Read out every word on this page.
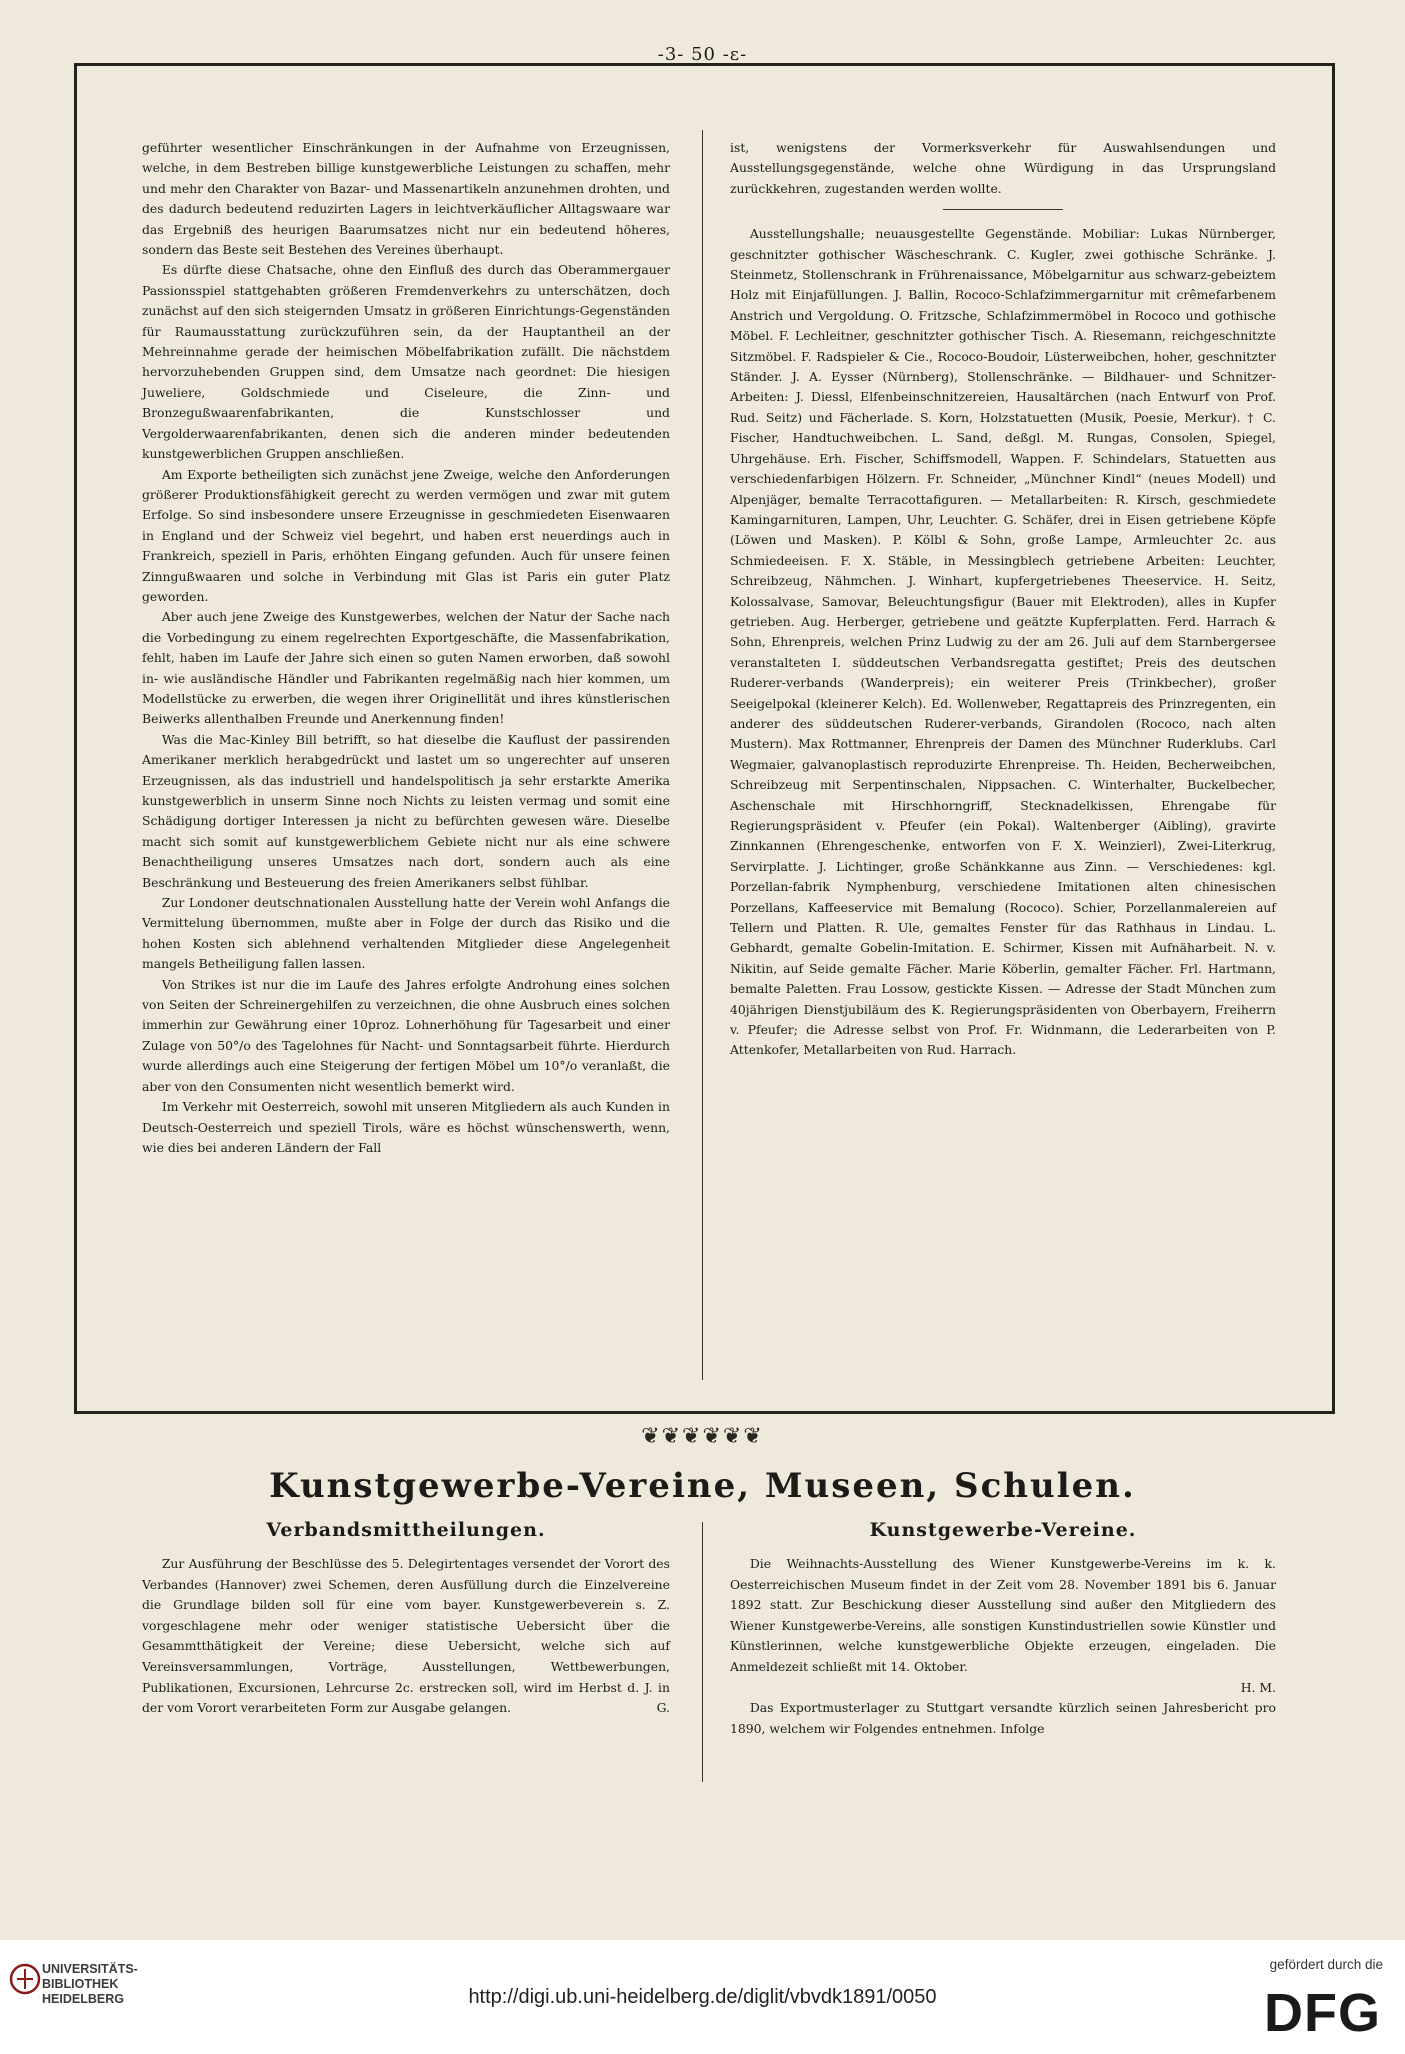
-3- 50 -ε-

geführter wesentlicher Einschränkungen in der Aufnahme von Erzeugnissen, welche, in dem Bestreben billige kunstgewerbliche Leistungen zu schaffen, mehr und mehr den Charakter von Bazar- und Massenartikeln anzunehmen drohten, und des dadurch bedeutend reduzirten Lagers in leichtverkäuflicher Alltagswaare war das Ergebniß des heurigen Baarumsatzes nicht nur ein bedeutend höheres, sondern das Beste seit Bestehen des Vereines überhaupt.

Es dürfte diese Chatsache, ohne den Einfluß des durch das Oberammergauer Passionsspiel stattgehabten größeren Fremdenverkehrs zu unterschätzen, doch zunächst auf den sich steigernden Umsatz in größeren Einrichtungs-Gegenständen für Raumausstattung zurückzuführen sein, da der Hauptantheil an der Mehreinnahme gerade der heimischen Möbelfabrikation zufällt. Die nächstdem hervorzuhebenden Gruppen sind, dem Umsatze nach geordnet: Die hiesigen Juweliere, Goldschmiede und Ciseleure, die Zinn- und Bronzegußwaarenfabrikanten, die Kunstschlosser und Vergolderwaarenfabrikanten, denen sich die anderen minder bedeutenden kunstgewerblichen Gruppen anschließen.

Am Exporte betheiligten sich zunächst jene Zweige, welche den Anforderungen größerer Produktionsfähigkeit gerecht zu werden vermögen und zwar mit gutem Erfolge. So sind insbesondere unsere Erzeugnisse in geschmiedeten Eisenwaaren in England und der Schweiz viel begehrt, und haben erst neuerdings auch in Frankreich, speziell in Paris, erhöhten Eingang gefunden. Auch für unsere feinen Zinngußwaaren und solche in Verbindung mit Glas ist Paris ein guter Platz geworden.

Aber auch jene Zweige des Kunstgewerbes, welchen der Natur der Sache nach die Vorbedingung zu einem regelrechten Exportgeschäfte, die Massenfabrikation, fehlt, haben im Laufe der Jahre sich einen so guten Namen erworben, daß sowohl in- wie ausländische Händler und Fabrikanten regelmäßig nach hier kommen, um Modellstücke zu erwerben, die wegen ihrer Originellität und ihres künstlerischen Beiwerks allenthalben Freunde und Anerkennung finden!

Was die Mac-Kinley Bill betrifft, so hat dieselbe die Kauflust der passirenden Amerikaner merklich herabgedrückt und lastet um so ungerechter auf unseren Erzeugnissen, als das industriell und handelspolitisch ja sehr erstarkte Amerika kunstgewerblich in unserm Sinne noch Nichts zu leisten vermag und somit eine Schädigung dortiger Interessen ja nicht zu befürchten gewesen wäre. Dieselbe macht sich somit auf kunstgewerblichem Gebiete nicht nur als eine schwere Benachtheiligung unseres Umsatzes nach dort, sondern auch als eine Beschränkung und Besteuerung des freien Amerikaners selbst fühlbar.

Zur Londoner deutschnationalen Ausstellung hatte der Verein wohl Anfangs die Vermittelung übernommen, mußte aber in Folge der durch das Risiko und die hohen Kosten sich ablehnend verhaltenden Mitglieder diese Angelegenheit mangels Betheiligung fallen lassen.

Von Strikes ist nur die im Laufe des Jahres erfolgte Androhung eines solchen von Seiten der Schreinergehilfen zu verzeichnen, die ohne Ausbruch eines solchen immerhin zur Gewährung einer 10proz. Lohnerhöhung für Tagesarbeit und einer Zulage von 50°/o des Tagelohnes für Nacht- und Sonntagsarbeit führte. Hierdurch wurde allerdings auch eine Steigerung der fertigen Möbel um 10°/o veranlaßt, die aber von den Consumenten nicht wesentlich bemerkt wird.

Im Verkehr mit Oesterreich, sowohl mit unseren Mitgliedern als auch Kunden in Deutsch-Oesterreich und speziell Tirols, wäre es höchst wünschenswerth, wenn, wie dies bei anderen Ländern der Fall

ist, wenigstens der Vormerksverkehr für Auswahlsendungen und Ausstellungsgegenstände, welche ohne Würdigung in das Ursprungsland zurückkehren, zugestanden werden wollte.

Ausstellungshalle; neuausgestellte Gegenstände. Mobiliar: Lukas Nürnberger, geschnitzter gothischer Wäscheschrank. C. Kugler, zwei gothische Schränke. J. Steinmetz, Stollenschrank in Frührenaissance, Möbelgarnitur aus schwarz-gebeiztem Holz mit Einjafüllungen. J. Ballin, Rococo-Schlafzimmergarnitur mit crêmefarbenem Anstrich und Vergoldung. O. Fritzsche, Schlafzimmermöbel in Rococo und gothische Möbel. F. Lechleitner, geschnitzter gothischer Tisch. A. Riesemann, reichgeschnitzte Sitzmöbel. F. Radspieler & Cie., Rococo-Boudoir, Lüsterweibchen, hoher, geschnitzter Ständer. J. A. Eysser (Nürnberg), Stollenschränke. — Bildhauer- und Schnitzer-Arbeiten: J. Diessl, Elfenbeinschnitzereien, Hausaltärchen (nach Entwurf von Prof. Rud. Seitz) und Fächerlade. S. Korn, Holzstatuetten (Musik, Poesie, Merkur). † C. Fischer, Handtuchweibchen. L. Sand, deßgl. M. Rungas, Consolen, Spiegel, Uhrgehäuse. Erh. Fischer, Schiffsmodell, Wappen. F. Schindelars, Statuetten aus verschiedenfarbigen Hölzern. Fr. Schneider, „Münchner Kindl“ (neues Modell) und Alpenjäger, bemalte Terracottafiguren. — Metallarbeiten: R. Kirsch, geschmiedete Kamingarnituren, Lampen, Uhr, Leuchter. G. Schäfer, drei in Eisen getriebene Köpfe (Löwen und Masken). P. Kölbl & Sohn, große Lampe, Armleuchter 2c. aus Schmiedeeisen. F. X. Stäble, in Messingblech getriebene Arbeiten: Leuchter, Schreibzeug, Nähmchen. J. Winhart, kupfergetriebenes Theeservice. H. Seitz, Kolossalvase, Samovar, Beleuchtungsfigur (Bauer mit Elektroden), alles in Kupfer getrieben. Aug. Herberger, getriebene und geätzte Kupferplatten. Ferd. Harrach & Sohn, Ehrenpreis, welchen Prinz Ludwig zu der am 26. Juli auf dem Starnbergersee veranstalteten I. süddeutschen Verbandsregatta gestiftet; Preis des deutschen Ruderer-verbands (Wanderpreis); ein weiterer Preis (Trinkbecher), großer Seeigelpokal (kleinerer Kelch). Ed. Wollenweber, Regattapreis des Prinzregenten, ein anderer des süddeutschen Ruderer-verbands, Girandolen (Rococo, nach alten Mustern). Max Rottmanner, Ehrenpreis der Damen des Münchner Ruderklubs. Carl Wegmaier, galvanoplastisch reproduzirte Ehrenpreise. Th. Heiden, Becherweibchen, Schreibzeug mit Serpentinschalen, Nippsachen. C. Winterhalter, Buckelbecher, Aschenschale mit Hirschhorngriff, Stecknadelkissen, Ehrengabe für Regierungspräsident v. Pfeufer (ein Pokal). Waltenberger (Aibling), gravirte Zinnkannen (Ehrengeschenke, entworfen von F. X. Weinzierl), Zwei-Literkrug, Servirplatte. J. Lichtinger, große Schänkkanne aus Zinn. — Verschiedenes: kgl. Porzellan-fabrik Nymphenburg, verschiedene Imitationen alten chinesischen Porzellans, Kaffeeservice mit Bemalung (Rococo). Schier, Porzellanmalereien auf Tellern und Platten. R. Ule, gemaltes Fenster für das Rathhaus in Lindau. L. Gebhardt, gemalte Gobelin-Imitation. E. Schirmer, Kissen mit Aufnäharbeit. N. v. Nikitin, auf Seide gemalte Fächer. Marie Köberlin, gemalter Fächer. Frl. Hartmann, bemalte Paletten. Frau Lossow, gestickte Kissen. — Adresse der Stadt München zum 40jährigen Dienstjubiläum des K. Regierungspräsidenten von Oberbayern, Freiherrn v. Pfeufer; die Adresse selbst von Prof. Fr. Widnmann, die Lederarbeiten von P. Attenkofer, Metallarbeiten von Rud. Harrach.

❦❦❦❦❦❦
Kunstgewerbe-Vereine, Museen, Schulen.
Verbandsmittheilungen.	Kunstgewerbe-Vereine.

Zur Ausführung der Beschlüsse des 5. Delegirtentages versendet der Vorort des Verbandes (Hannover) zwei Schemen, deren Ausfüllung durch die Einzelvereine die Grundlage bilden soll für eine vom bayer. Kunstgewerbeverein s. Z. vorgeschlagene mehr oder weniger statistische Uebersicht über die Gesammtthätigkeit der Vereine; diese Uebersicht, welche sich auf Vereinsversammlungen, Vorträge, Ausstellungen, Wettbewerbungen, Publikationen, Excursionen, Lehrcurse 2c. erstrecken soll, wird im Herbst d. J. in der vom Vorort verarbeiteten Form zur Ausgabe gelangen.	G.

Die Weihnachts-Ausstellung des Wiener Kunstgewerbe-Vereins im k. k. Oesterreichischen Museum findet in der Zeit vom 28. November 1891 bis 6. Januar 1892 statt. Zur Beschickung dieser Ausstellung sind außer den Mitgliedern des Wiener Kunstgewerbe-Vereins, alle sonstigen Kunstindustriellen sowie Künstler und Künstlerinnen, welche kunstgewerbliche Objekte erzeugen, eingeladen. Die Anmeldezeit schließt mit 14. Oktober.

H. M.

Das Exportmusterlager zu Stuttgart versandte kürzlich seinen Jahresbericht pro 1890, welchem wir Folgendes entnehmen. Infolge

UNIVERSITÄTS-
BIBLIOTHEK
HEIDELBERG	http://digi.ub.uni-heidelberg.de/diglit/vbvdk1891/0050
gefördert durch die
DFG
